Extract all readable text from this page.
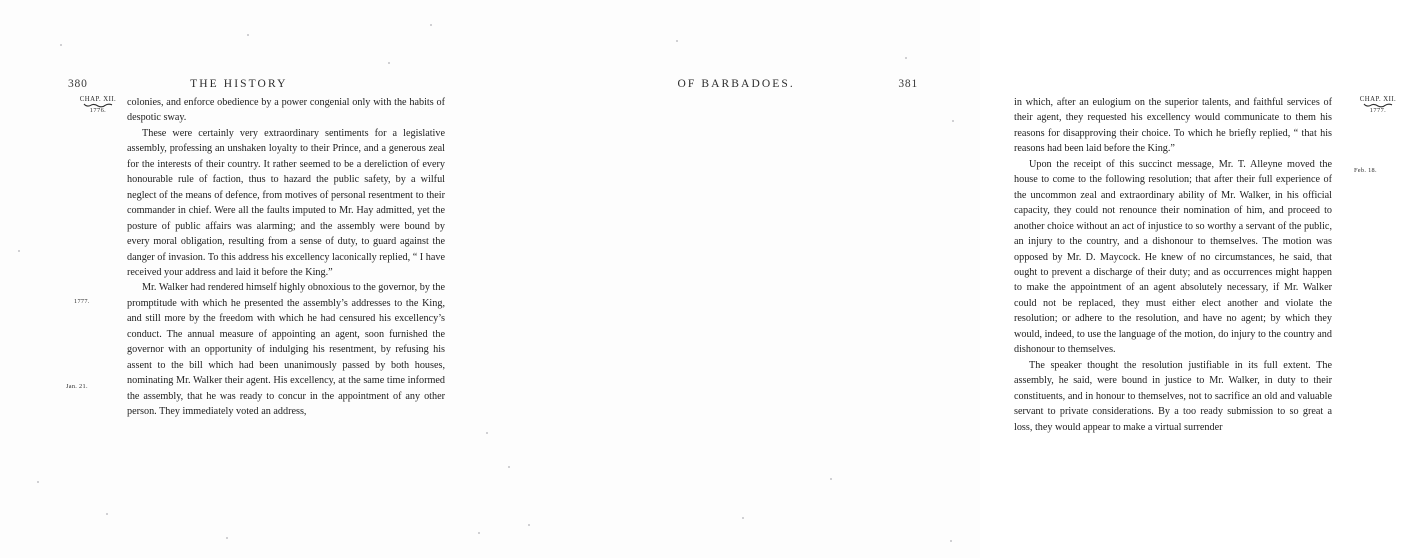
380	THE HISTORY
CHAP. XII.
1776.
1777.
Jan. 21.

colonies, and enforce obedience by a power congenial only with the habits of despotic sway.

These were certainly very extraordinary sentiments for a legislative assembly, professing an unshaken loyalty to their Prince, and a generous zeal for the interests of their country. It rather seemed to be a dereliction of every honourable rule of faction, thus to hazard the public safety, by a wilful neglect of the means of defence, from motives of personal resentment to their commander in chief. Were all the faults imputed to Mr. Hay admitted, yet the posture of public affairs was alarming; and the assembly were bound by every moral obligation, resulting from a sense of duty, to guard against the danger of invasion. To this address his excellency laconically replied, “ I have received your address and laid it before the King.”

Mr. Walker had rendered himself highly obnoxious to the governor, by the promptitude with which he presented the assembly’s addresses to the King, and still more by the freedom with which he had censured his excellency’s conduct. The annual measure of appointing an agent, soon furnished the governor with an opportunity of indulging his resentment, by refusing his assent to the bill which had been unanimously passed by both houses, nominating Mr. Walker their agent. His excellency, at the same time informed the assembly, that he was ready to concur in the appointment of any other person. They immediately voted an address,

OF BARBADOES.	381
CHAP. XII.
1777.
Feb. 18.

in which, after an eulogium on the superior talents, and faithful services of their agent, they requested his excellency would communicate to them his reasons for disapproving their choice. To which he briefly replied, “ that his reasons had been laid before the King.”

Upon the receipt of this succinct message, Mr. T. Alleyne moved the house to come to the following resolution; that after their full experience of the uncommon zeal and extraordinary ability of Mr. Walker, in his official capacity, they could not renounce their nomination of him, and proceed to another choice without an act of injustice to so worthy a servant of the public, an injury to the country, and a dishonour to themselves. The motion was opposed by Mr. D. Maycock. He knew of no circumstances, he said, that ought to prevent a discharge of their duty; and as occurrences might happen to make the appointment of an agent absolutely necessary, if Mr. Walker could not be replaced, they must either elect another and violate the resolution; or adhere to the resolution, and have no agent; by which they would, indeed, to use the language of the motion, do injury to the country and dishonour to themselves.

The speaker thought the resolution justifiable in its full extent. The assembly, he said, were bound in justice to Mr. Walker, in duty to their constituents, and in honour to themselves, not to sacrifice an old and valuable servant to private considerations. By a too ready submission to so great a loss, they would appear to make a virtual surrender
